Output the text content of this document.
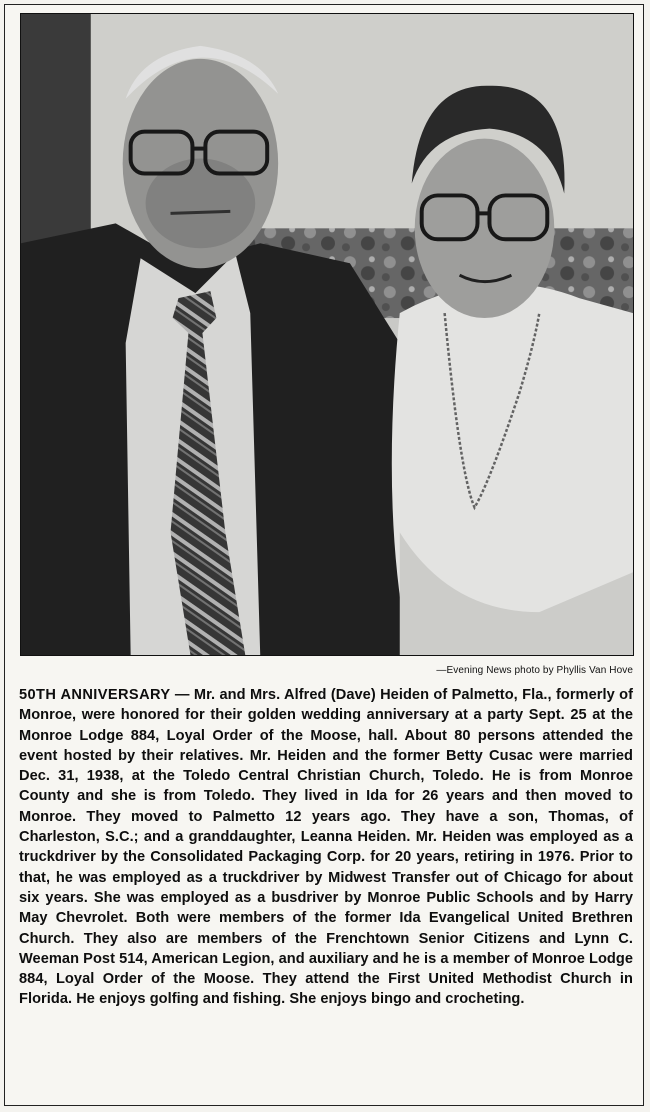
—Evening News photo by Phyllis Van Hove
50TH ANNIVERSARY — Mr. and Mrs. Alfred (Dave) Heiden of Palmetto, Fla., formerly of Monroe, were honored for their golden wedding anniversary at a party Sept. 25 at the Monroe Lodge 884, Loyal Order of the Moose, hall. About 80 persons attended the event hosted by their relatives. Mr. Heiden and the former Betty Cusac were married Dec. 31, 1938, at the Toledo Central Christian Church, Toledo. He is from Monroe County and she is from Toledo. They lived in Ida for 26 years and then moved to Monroe. They moved to Palmetto 12 years ago. They have a son, Thomas, of Charleston, S.C.; and a granddaughter, Leanna Heiden. Mr. Heiden was employed as a truckdriver by the Consolidated Packaging Corp. for 20 years, retiring in 1976. Prior to that, he was employed as a truckdriver by Midwest Transfer out of Chicago for about six years. She was employed as a busdriver by Monroe Public Schools and by Harry May Chevrolet. Both were members of the former Ida Evangelical United Brethren Church. They also are members of the Frenchtown Senior Citizens and Lynn C. Weeman Post 514, American Legion, and auxiliary and he is a member of Monroe Lodge 884, Loyal Order of the Moose. They attend the First United Methodist Church in Florida. He enjoys golfing and fishing. She enjoys bingo and crocheting.
